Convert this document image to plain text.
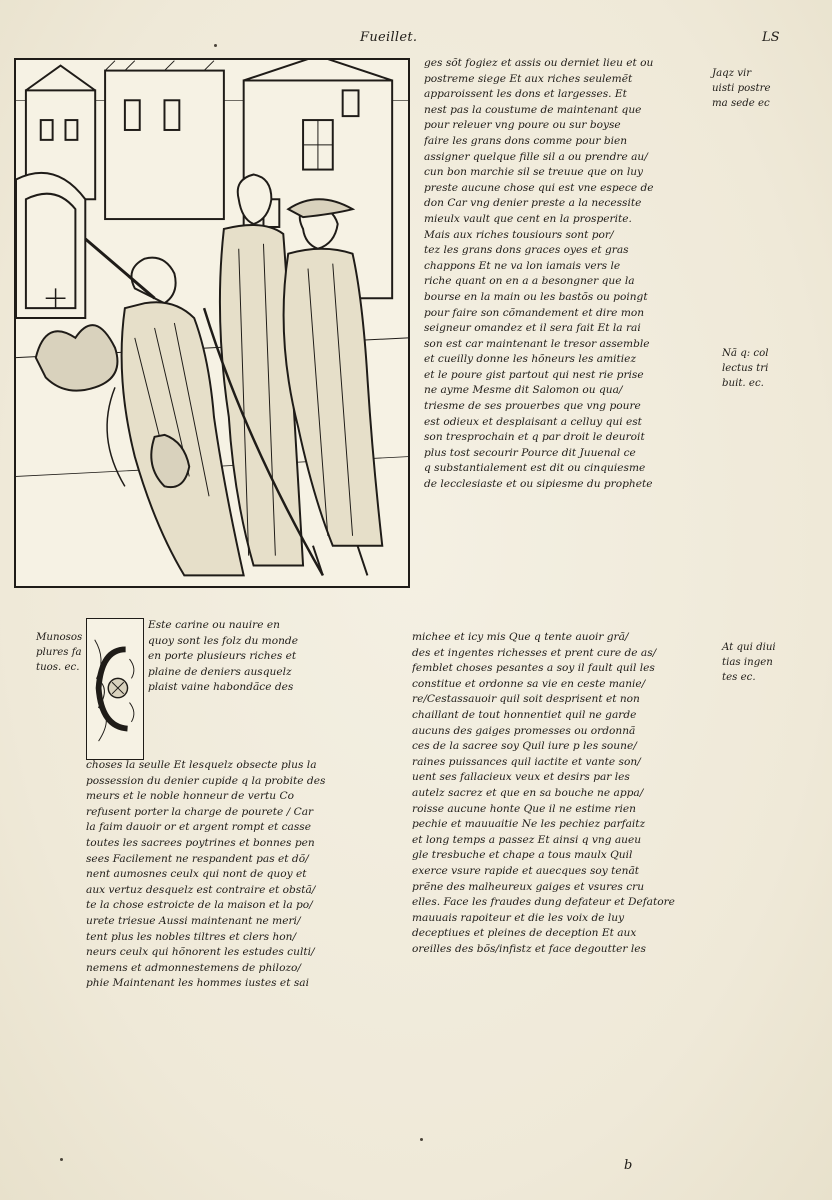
Fueillet.	LS
ges sõt fogiez et assis ou derniet lieu et ou
postreme siege Et aux riches seulemẽt
apparoissent les dons et largesses. Et
nest pas la coustume de maintenant que
pour releuer vng poure ou sur boyse
faire les grans dons comme pour bien
assigner quelque fille sil a ou prendre au/
cun bon marchie sil se treuue que on luy
preste aucune chose qui est vne espece de
don Car vng denier preste a la necessite
mieulx vault que cent en la prosperite.
Mais aux riches tousiours sont por/
tez les grans dons graces oyes et gras
chappons Et ne va lon iamais vers le
riche quant on en a a besongner que la
bourse en la main ou les bastõs ou poingt
pour faire son cõmandement et dire mon
seigneur omandez et il sera fait Et la rai
son est car maintenant le tresor assemble
et cueilly donne les hõneurs les amitiez
et le poure gist partout qui nest rie prise
ne ayme Mesme dit Salomon ou qua/
triesme de ses prouerbes que vng poure
est odieux et desplaisant a celluy qui est
son tresprochain et q par droit le deuroit
plus tost secourir Pource dit Juuenal ce
q substantialement est dit ou cinquiesme
de lecclesiaste et ou sipiesme du prophete
michee et icy mis Que q tente auoir grã/
des et ingentes richesses et prent cure de as/
femblet choses pesantes a soy il fault quil les
constitue et ordonne sa vie en ceste manie/
re/Cestassauoir quil soit desprisent et non
chaillant de tout honnentiet quil ne garde
aucuns des gaiges promesses ou ordonnã
ces de la sacree soy Quil iure p les soune/
raines puissances quil iactite et vante son/
uent ses fallacieux veux et desirs par les
autelz sacrez et que en sa bouche ne appa/
roisse aucune honte Que il ne estime rien
pechie et mauuaitie Ne les pechiez parfaitz
et long temps a passez Et ainsi q vng aueu
gle tresbuche et chape a tous maulx Quil
exerce vsure rapide et auecques soy tenãt
prẽne des malheureux gaiges et vsures cru
elles. Face les fraudes dung defateur et Defatore
mauuais rapoiteur et die les voix de luy
deceptiues et pleines de deception Et aux
oreilles des bõs/infistz et face degoutter les
Este carine ou nauire en
quoy sont les folz du monde
en porte plusieurs riches et
plaine de deniers ausquelz
plaist vaine habondãce des
choses la seulle Et lesquelz obsecte plus la
possession du denier cupide q la probite des
meurs et le noble honneur de vertu Co
refusent porter la charge de pourete / Car
la faim dauoir or et argent rompt et casse
toutes les sacrees poytrines et bonnes pen
sees Facilement ne respandent pas et dõ/
nent aumosnes ceulx qui nont de quoy et
aux vertuz desquelz est contraire et obstã/
te la chose estroicte de la maison et la po/
urete triesue Aussi maintenant ne meri/
tent plus les nobles tiltres et clers hon/
neurs ceulx qui hõnorent les estudes culti/
nemens et admonnestemens de philozo/
phie Maintenant les hommes iustes et sai
Jaqz vir
uisti postre
ma sede ec
Nã q: col
lectus tri
buit. ec.
At qui diui
tias ingen
tes ec.
Munosos
plures fa
tuos. ec.
b
